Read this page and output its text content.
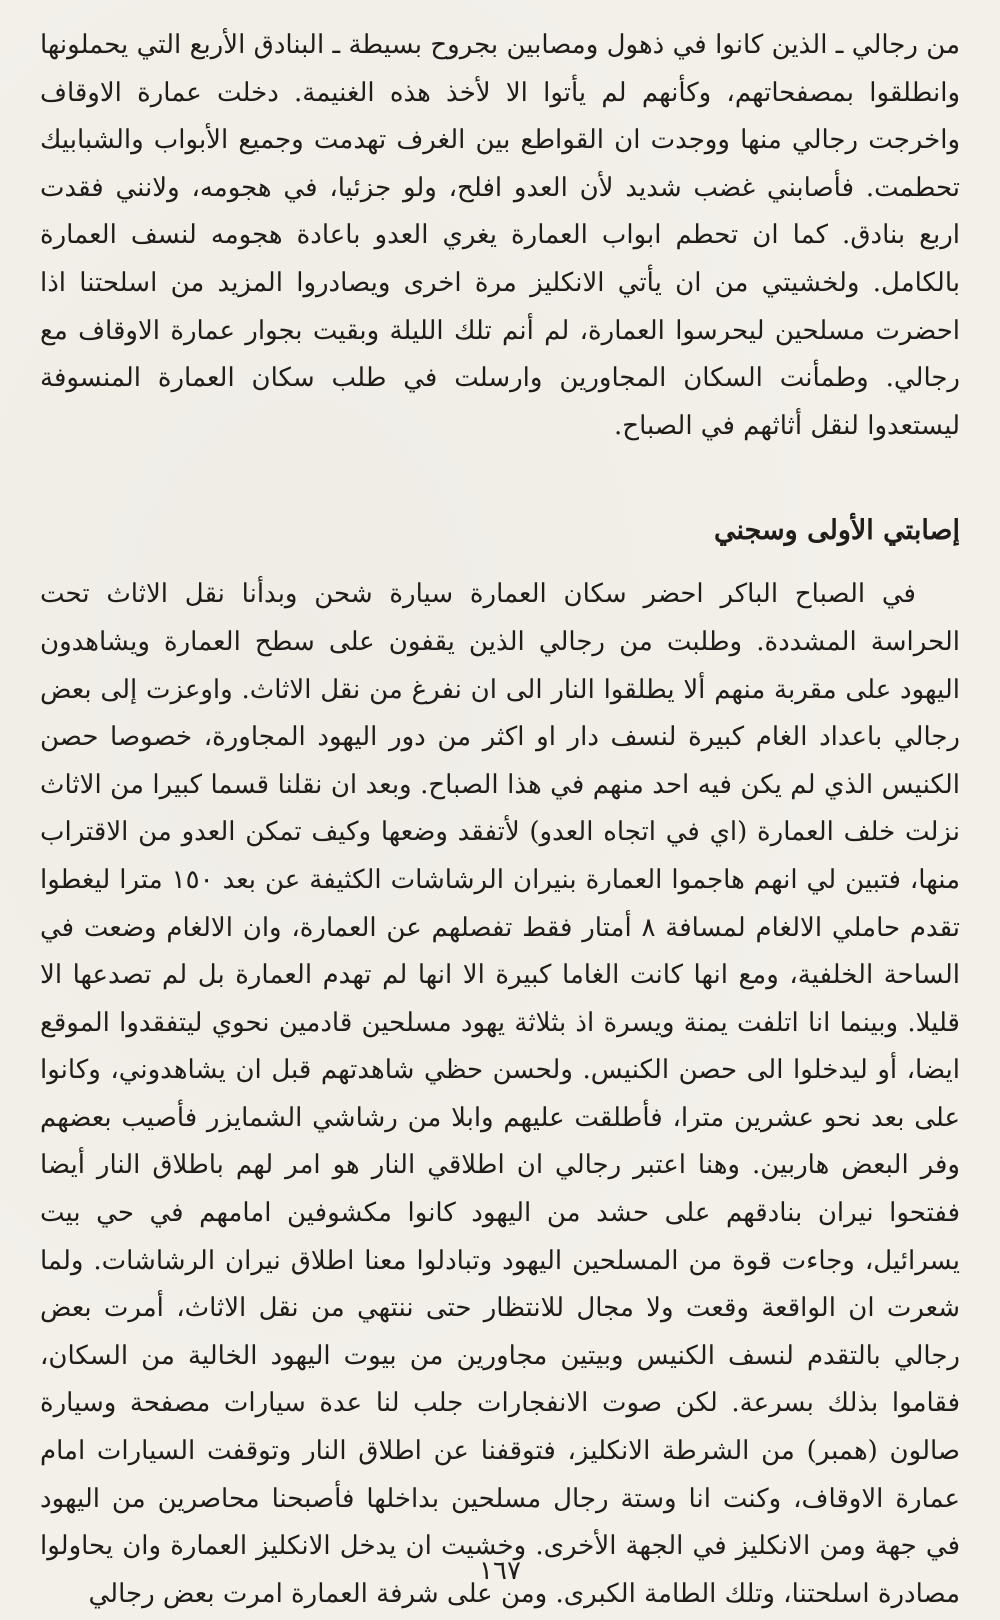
من رجالي ـ الذين كانوا في ذهول ومصابين بجروح بسيطة ـ البنادق الأربع التي يحملونها وانطلقوا بمصفحاتهم، وكأنهم لم يأتوا الا لأخذ هذه الغنيمة. دخلت عمارة الاوقاف واخرجت رجالي منها ووجدت ان القواطع بين الغرف تهدمت وجميع الأبواب والشبابيك تحطمت. فأصابني غضب شديد لأن العدو افلح، ولو جزئيا، في هجومه، ولانني فقدت اربع بنادق. كما ان تحطم ابواب العمارة يغري العدو باعادة هجومه لنسف العمارة بالكامل. ولخشيتي من ان يأتي الانكليز مرة اخرى ويصادروا المزيد من اسلحتنا اذا احضرت مسلحين ليحرسوا العمارة، لم أنم تلك الليلة وبقيت بجوار عمارة الاوقاف مع رجالي. وطمأنت السكان المجاورين وارسلت في طلب سكان العمارة المنسوفة ليستعدوا لنقل أثاثهم في الصباح.

إصابتي الأولى وسجني

في الصباح الباكر احضر سكان العمارة سيارة شحن وبدأنا نقل الاثاث تحت الحراسة المشددة. وطلبت من رجالي الذين يقفون على سطح العمارة ويشاهدون اليهود على مقربة منهم ألا يطلقوا النار الى ان نفرغ من نقل الاثاث. واوعزت إلى بعض رجالي باعداد الغام كبيرة لنسف دار او اكثر من دور اليهود المجاورة، خصوصا حصن الكنيس الذي لم يكن فيه احد منهم في هذا الصباح. وبعد ان نقلنا قسما كبيرا من الاثاث نزلت خلف العمارة (اي في اتجاه العدو) لأتفقد وضعها وكيف تمكن العدو من الاقتراب منها، فتبين لي انهم هاجموا العمارة بنيران الرشاشات الكثيفة عن بعد ١٥٠ مترا ليغطوا تقدم حاملي الالغام لمسافة ٨ أمتار فقط تفصلهم عن العمارة، وان الالغام وضعت في الساحة الخلفية، ومع انها كانت الغاما كبيرة الا انها لم تهدم العمارة بل لم تصدعها الا قليلا. وبينما انا اتلفت يمنة ويسرة اذ بثلاثة يهود مسلحين قادمين نحوي ليتفقدوا الموقع ايضا، أو ليدخلوا الى حصن الكنيس. ولحسن حظي شاهدتهم قبل ان يشاهدوني، وكانوا على بعد نحو عشرين مترا، فأطلقت عليهم وابلا من رشاشي الشمايزر فأصيب بعضهم وفر البعض هاربين. وهنا اعتبر رجالي ان اطلاقي النار هو امر لهم باطلاق النار أيضا ففتحوا نيران بنادقهم على حشد من اليهود كانوا مكشوفين امامهم في حي بيت يسرائيل، وجاءت قوة من المسلحين اليهود وتبادلوا معنا اطلاق نيران الرشاشات. ولما شعرت ان الواقعة وقعت ولا مجال للانتظار حتى ننتهي من نقل الاثاث، أمرت بعض رجالي بالتقدم لنسف الكنيس وبيتين مجاورين من بيوت اليهود الخالية من السكان، فقاموا بذلك بسرعة. لكن صوت الانفجارات جلب لنا عدة سيارات مصفحة وسيارة صالون (همبر) من الشرطة الانكليز، فتوقفنا عن اطلاق النار وتوقفت السيارات امام عمارة الاوقاف، وكنت انا وستة رجال مسلحين بداخلها فأصبحنا محاصرين من اليهود في جهة ومن الانكليز في الجهة الأخرى. وخشيت ان يدخل الانكليز العمارة وان يحاولوا مصادرة اسلحتنا، وتلك الطامة الكبرى. ومن على شرفة العمارة امرت بعض رجالي

١٦٧
